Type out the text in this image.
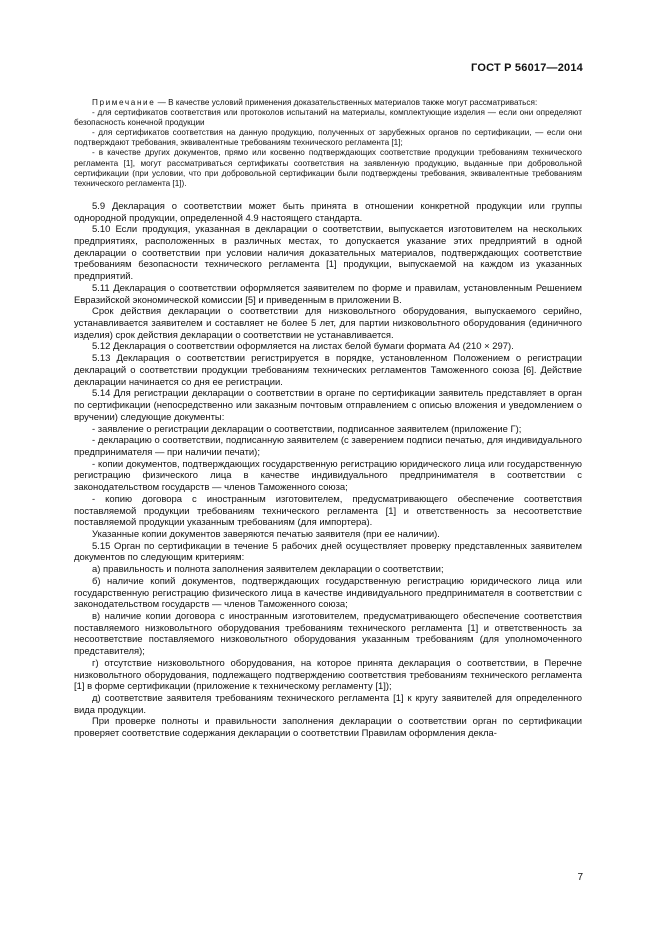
ГОСТ Р 56017—2014

Примечание — В качестве условий применения доказательственных материалов также могут рассматриваться:

- для сертификатов соответствия или протоколов испытаний на материалы, комплектующие изделия — если они определяют безопасность конечной продукции

- для сертификатов соответствия на данную продукцию, полученных от зарубежных органов по сертификации, — если они подтверждают требования, эквивалентные требованиям технического регламента [1];

- в качестве других документов, прямо или косвенно подтверждающих соответствие продукции требованиям технического регламента [1], могут рассматриваться сертификаты соответствия на заявленную продукцию, выданные при добровольной сертификации (при условии, что при добровольной сертификации были подтверждены требования, эквивалентные требованиям технического регламента [1]).

5.9 Декларация о соответствии может быть принята в отношении конкретной продукции или группы однородной продукции, определенной 4.9 настоящего стандарта.

5.10 Если продукция, указанная в декларации о соответствии, выпускается изготовителем на нескольких предприятиях, расположенных в различных местах, то допускается указание этих предприятий в одной декларации о соответствии при условии наличия доказательных материалов, подтверждающих соответствие требованиям безопасности технического регламента [1] продукции, выпускаемой на каждом из указанных предприятий.

5.11 Декларация о соответствии оформляется заявителем по форме и правилам, установленным Решением Евразийской экономической комиссии [5] и приведенным в приложении В.

Срок действия декларации о соответствии для низковольтного оборудования, выпускаемого серийно, устанавливается заявителем и составляет не более 5 лет, для партии низковольтного оборудования (единичного изделия) срок действия декларации о соответствии не устанавливается.

5.12 Декларация о соответствии оформляется на листах белой бумаги формата А4 (210 × 297).

5.13 Декларация о соответствии регистрируется в порядке, установленном Положением о регистрации деклараций о соответствии продукции требованиям технических регламентов Таможенного союза [6]. Действие декларации начинается со дня ее регистрации.

5.14 Для регистрации декларации о соответствии в органе по сертификации заявитель представляет в орган по сертификации (непосредственно или заказным почтовым отправлением с описью вложения и уведомлением о вручении) следующие документы:

- заявление о регистрации декларации о соответствии, подписанное заявителем (приложение Г);

- декларацию о соответствии, подписанную заявителем (с заверением подписи печатью, для индивидуального предпринимателя — при наличии печати);

- копии документов, подтверждающих государственную регистрацию юридического лица или государственную регистрацию физического лица в качестве индивидуального предпринимателя в соответствии с законодательством государств — членов Таможенного союза;

- копию договора с иностранным изготовителем, предусматривающего обеспечение соответствия поставляемой продукции требованиям технического регламента [1] и ответственность за несоответствие поставляемой продукции указанным требованиям (для импортера).

Указанные копии документов заверяются печатью заявителя (при ее наличии).

5.15 Орган по сертификации в течение 5 рабочих дней осуществляет проверку представленных заявителем документов по следующим критериям:

а) правильность и полнота заполнения заявителем декларации о соответствии;

б) наличие копий документов, подтверждающих государственную регистрацию юридического лица или государственную регистрацию физического лица в качестве индивидуального предпринимателя в соответствии с законодательством государств — членов Таможенного союза;

в) наличие копии договора с иностранным изготовителем, предусматривающего обеспечение соответствия поставляемого низковольтного оборудования требованиям технического регламента [1] и ответственность за несоответствие поставляемого низковольтного оборудования указанным требованиям (для уполномоченного представителя);

г) отсутствие низковольтного оборудования, на которое принята декларация о соответствии, в Перечне низковольтного оборудования, подлежащего подтверждению соответствия требованиям технического регламента [1] в форме сертификации (приложение к техническому регламенту [1]);

д) соответствие заявителя требованиям технического регламента [1] к кругу заявителей для определенного вида продукции.

При проверке полноты и правильности заполнения декларации о соответствии орган по сертификации проверяет соответствие содержания декларации о соответствии Правилам оформления декла-

7
